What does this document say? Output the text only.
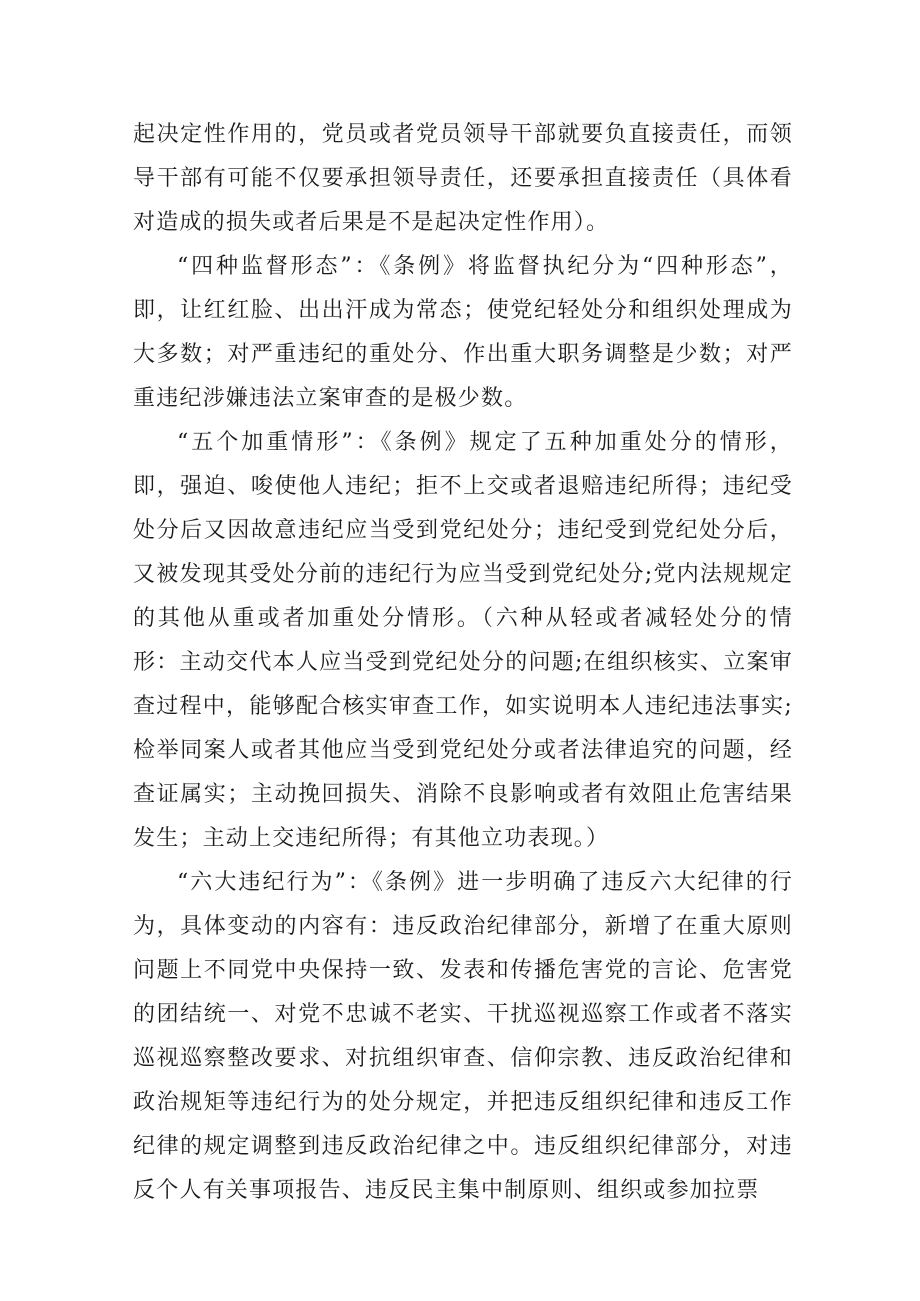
起决定性作用的，党员或者党员领导干部就要负直接责任，而领导干部有可能不仅要承担领导责任，还要承担直接责任（具体看对造成的损失或者后果是不是起决定性作用）。

“四种监督形态”：《条例》将监督执纪分为“四种形态”，即，让红红脸、出出汗成为常态；使党纪轻处分和组织处理成为大多数；对严重违纪的重处分、作出重大职务调整是少数；对严重违纪涉嫌违法立案审查的是极少数。

“五个加重情形”：《条例》规定了五种加重处分的情形，即，强迫、唆使他人违纪；拒不上交或者退赔违纪所得；违纪受处分后又因故意违纪应当受到党纪处分；违纪受到党纪处分后，又被发现其受处分前的违纪行为应当受到党纪处分;党内法规规定的其他从重或者加重处分情形。（六种从轻或者减轻处分的情形：主动交代本人应当受到党纪处分的问题;在组织核实、立案审查过程中，能够配合核实审查工作，如实说明本人违纪违法事实;检举同案人或者其他应当受到党纪处分或者法律追究的问题，经查证属实；主动挽回损失、消除不良影响或者有效阻止危害结果发生；主动上交违纪所得；有其他立功表现。）

“六大违纪行为”：《条例》进一步明确了违反六大纪律的行为，具体变动的内容有：违反政治纪律部分，新增了在重大原则问题上不同党中央保持一致、发表和传播危害党的言论、危害党的团结统一、对党不忠诚不老实、干扰巡视巡察工作或者不落实巡视巡察整改要求、对抗组织审查、信仰宗教、违反政治纪律和政治规矩等违纪行为的处分规定，并把违反组织纪律和违反工作纪律的规定调整到违反政治纪律之中。违反组织纪律部分，对违反个人有关事项报告、违反民主集中制原则、组织或参加拉票
